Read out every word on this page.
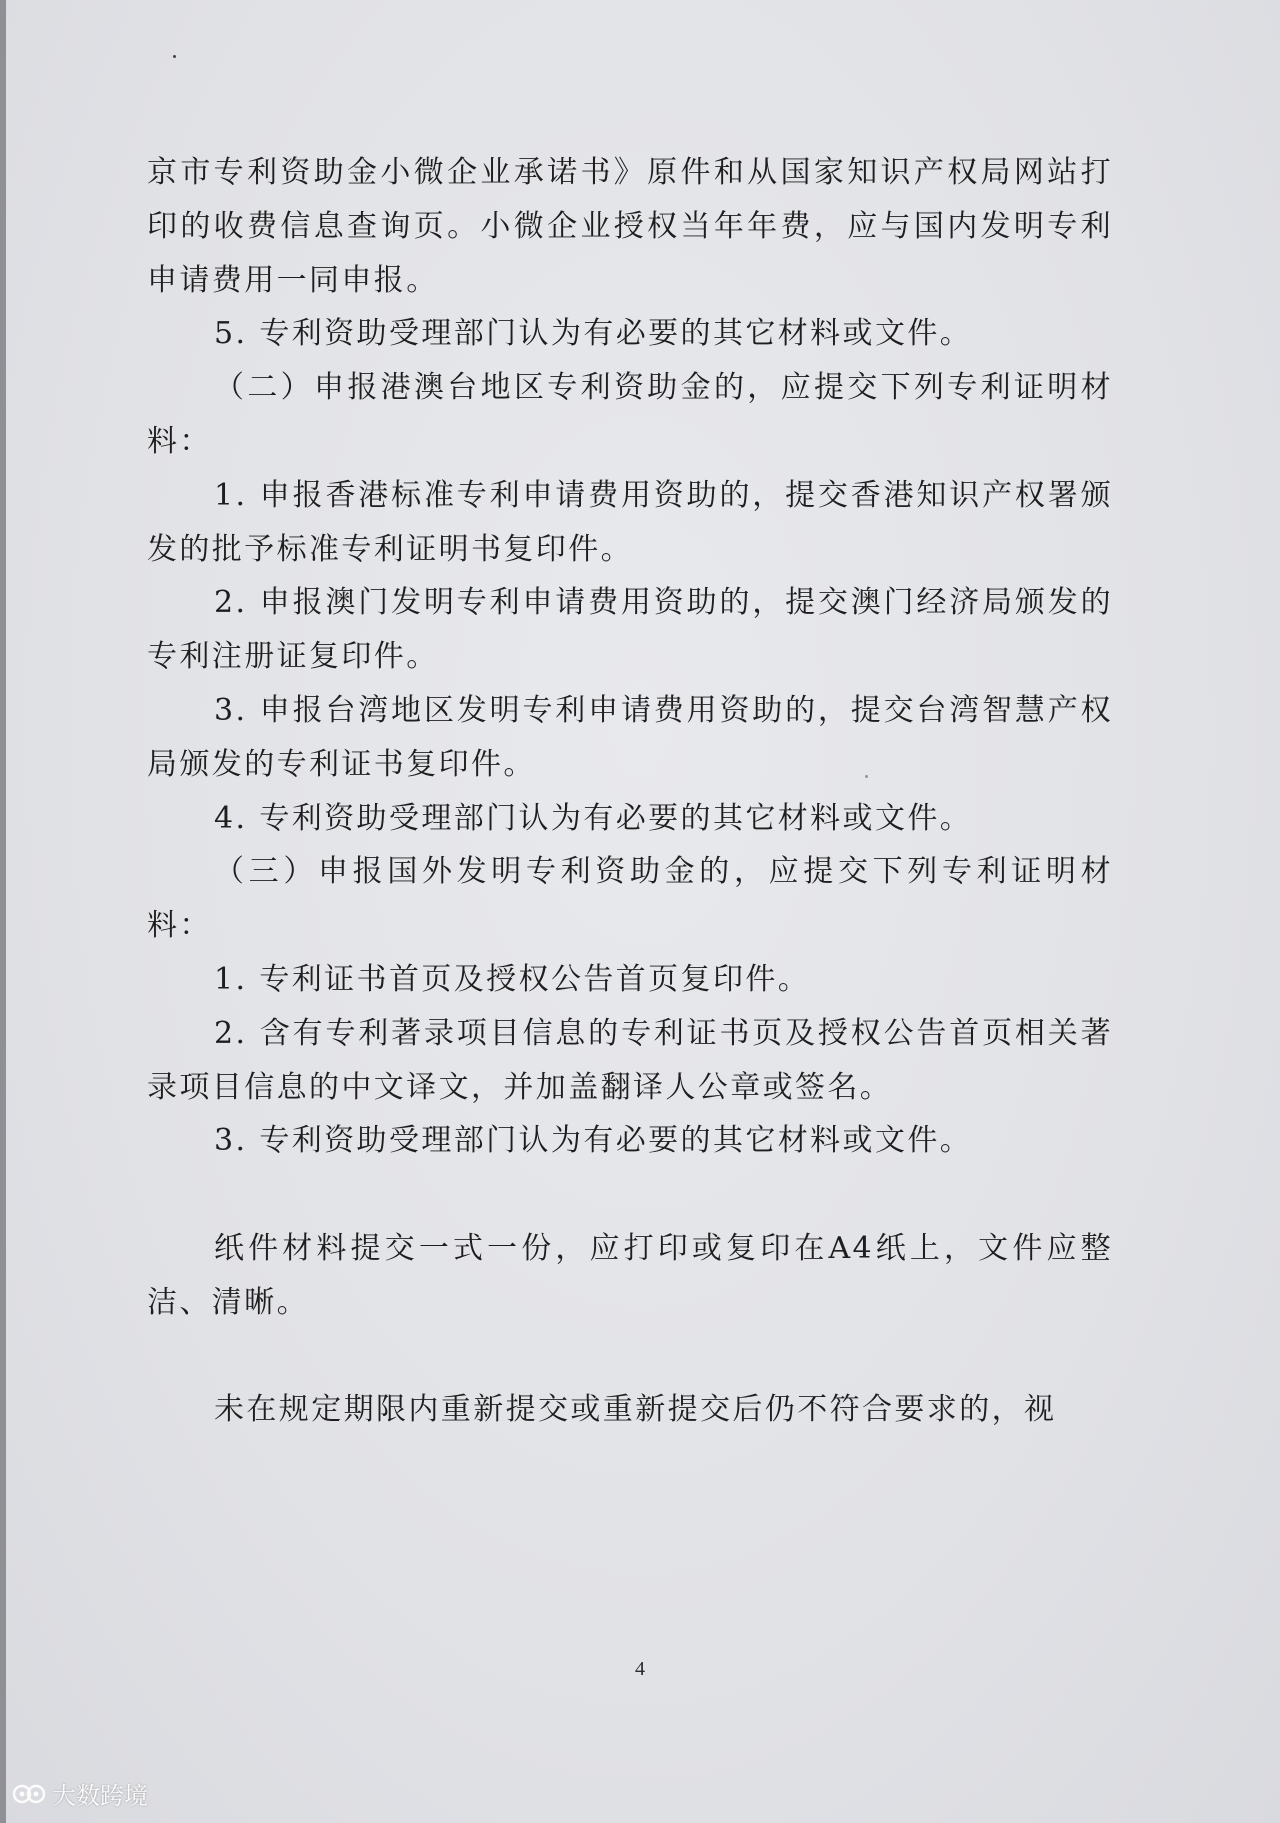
京市专利资助金小微企业承诺书》原件和从国家知识产权局网站打印的收费信息查询页。小微企业授权当年年费，应与国内发明专利申请费用一同申报。

5. 专利资助受理部门认为有必要的其它材料或文件。

（二）申报港澳台地区专利资助金的，应提交下列专利证明材料：

1. 申报香港标准专利申请费用资助的，提交香港知识产权署颁发的批予标准专利证明书复印件。

2. 申报澳门发明专利申请费用资助的，提交澳门经济局颁发的专利注册证复印件。

3. 申报台湾地区发明专利申请费用资助的，提交台湾智慧产权局颁发的专利证书复印件。

4. 专利资助受理部门认为有必要的其它材料或文件。

（三）申报国外发明专利资助金的，应提交下列专利证明材料：

1. 专利证书首页及授权公告首页复印件。

2. 含有专利著录项目信息的专利证书页及授权公告首页相关著录项目信息的中文译文，并加盖翻译人公章或签名。

3. 专利资助受理部门认为有必要的其它材料或文件。

纸件材料提交一式一份，应打印或复印在A4纸上，文件应整洁、清晰。

未在规定期限内重新提交或重新提交后仍不符合要求的，视

4
大数跨境
